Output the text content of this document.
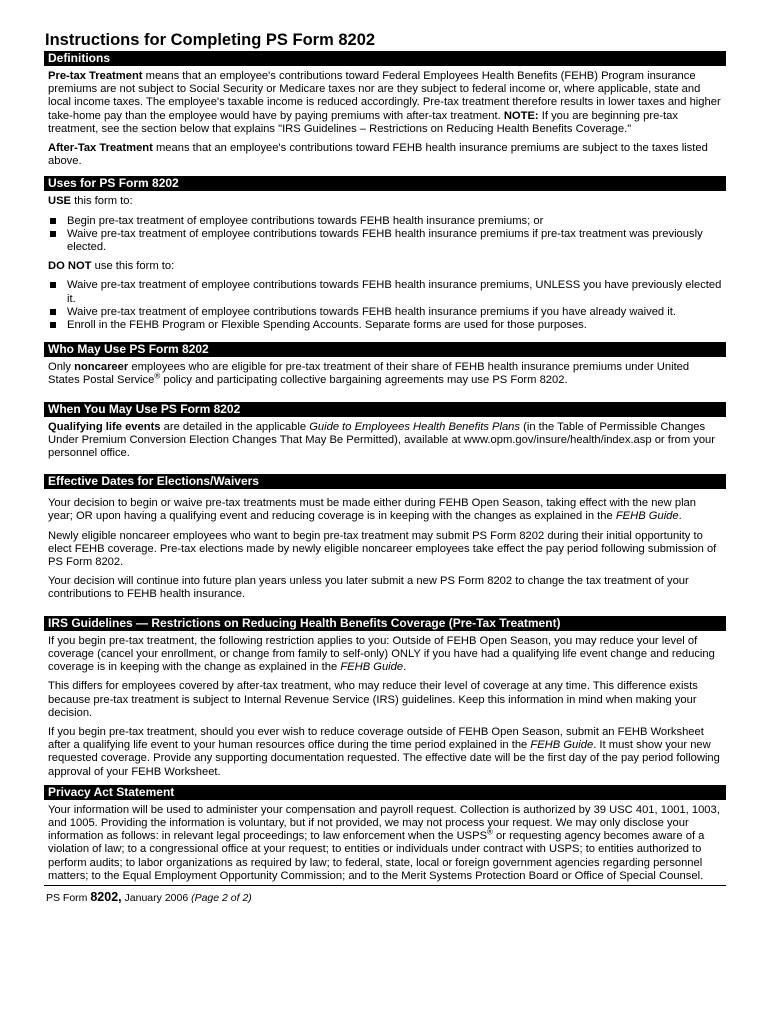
Instructions for Completing PS Form 8202
Definitions

Pre-tax Treatment means that an employee's contributions toward Federal Employees Health Benefits (FEHB) Program insurance premiums are not subject to Social Security or Medicare taxes nor are they subject to federal income or, where applicable, state and local income taxes. The employee's taxable income is reduced accordingly. Pre-tax treatment therefore results in lower taxes and higher take-home pay than the employee would have by paying premiums with after-tax treatment. NOTE: If you are beginning pre-tax treatment, see the section below that explains "IRS Guidelines – Restrictions on Reducing Health Benefits Coverage."

After-Tax Treatment means that an employee's contributions toward FEHB health insurance premiums are subject to the taxes listed above.

Uses for PS Form 8202

USE this form to:

Begin pre-tax treatment of employee contributions towards FEHB health insurance premiums; or
Waive pre-tax treatment of employee contributions towards FEHB health insurance premiums if pre-tax treatment was previously elected.

DO NOT use this form to:

Waive pre-tax treatment of employee contributions towards FEHB health insurance premiums, UNLESS you have previously elected it.
Waive pre-tax treatment of employee contributions towards FEHB health insurance premiums if you have already waived it.
Enroll in the FEHB Program or Flexible Spending Accounts. Separate forms are used for those purposes.
Who May Use PS Form 8202

Only noncareer employees who are eligible for pre-tax treatment of their share of FEHB health insurance premiums under United States Postal Service® policy and participating collective bargaining agreements may use PS Form 8202.

When You May Use PS Form 8202

Qualifying life events are detailed in the applicable Guide to Employees Health Benefits Plans (in the Table of Permissible Changes Under Premium Conversion Election Changes That May Be Permitted), available at www.opm.gov/insure/health/index.asp or from your personnel office.

Effective Dates for Elections/Waivers

Your decision to begin or waive pre-tax treatments must be made either during FEHB Open Season, taking effect with the new plan year; OR upon having a qualifying event and reducing coverage is in keeping with the changes as explained in the FEHB Guide.

Newly eligible noncareer employees who want to begin pre-tax treatment may submit PS Form 8202 during their initial opportunity to elect FEHB coverage. Pre-tax elections made by newly eligible noncareer employees take effect the pay period following submission of PS Form 8202.

Your decision will continue into future plan years unless you later submit a new PS Form 8202 to change the tax treatment of your contributions to FEHB health insurance.

IRS Guidelines — Restrictions on Reducing Health Benefits Coverage (Pre-Tax Treatment)

If you begin pre-tax treatment, the following restriction applies to you: Outside of FEHB Open Season, you may reduce your level of coverage (cancel your enrollment, or change from family to self-only) ONLY if you have had a qualifying life event change and reducing coverage is in keeping with the change as explained in the FEHB Guide.

This differs for employees covered by after-tax treatment, who may reduce their level of coverage at any time. This difference exists because pre-tax treatment is subject to Internal Revenue Service (IRS) guidelines. Keep this information in mind when making your decision.

If you begin pre-tax treatment, should you ever wish to reduce coverage outside of FEHB Open Season, submit an FEHB Worksheet after a qualifying life event to your human resources office during the time period explained in the FEHB Guide. It must show your new requested coverage. Provide any supporting documentation requested. The effective date will be the first day of the pay period following approval of your FEHB Worksheet.

Privacy Act Statement

Your information will be used to administer your compensation and payroll request. Collection is authorized by 39 USC 401, 1001, 1003, and 1005. Providing the information is voluntary, but if not provided, we may not process your request. We may only disclose your information as follows: in relevant legal proceedings; to law enforcement when the USPS® or requesting agency becomes aware of a violation of law; to a congressional office at your request; to entities or individuals under contract with USPS; to entities authorized to perform audits; to labor organizations as required by law; to federal, state, local or foreign government agencies regarding personnel matters; to the Equal Employment Opportunity Commission; and to the Merit Systems Protection Board or Office of Special Counsel.

PS Form 8202, January 2006 (Page 2 of 2)
